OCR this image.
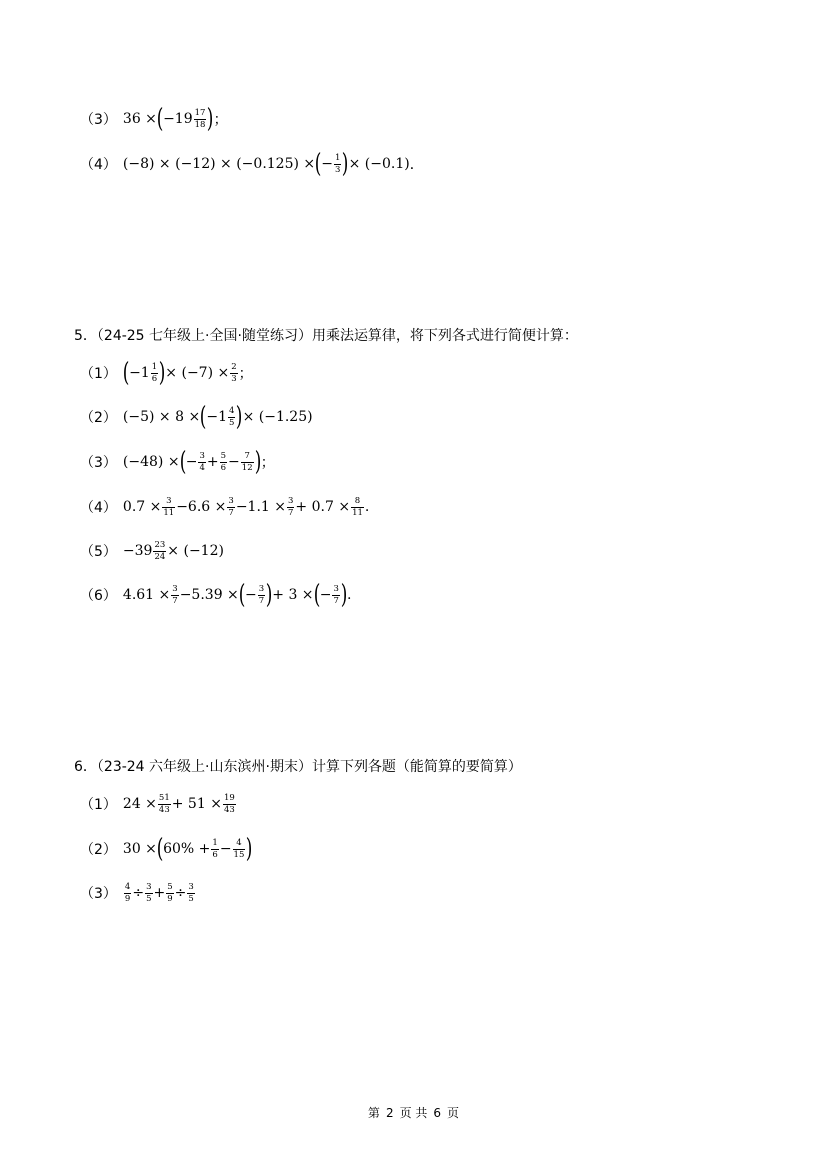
（3） 36 × ( $-19 \frac{17}{18}$ ) ；
（4） (−8) × (−12) × (−0.125) × ( − $\frac{1}{3}$ ) × (−0.1) ．
5．（24-25 七年级上·全国·随堂练习）用乘法运算律，将下列各式进行简便计算：
（1） ( $-1 \frac{1}{6}$ ) × $(-7) \times \frac{2}{3}$ ；
（2） (−5) × 8 × ( $-1 \frac{4}{5}$ ) × (−1.25)
（3） (−48) × ( − $\frac{3}{4} + \frac{5}{6} - \frac{7}{12}$ ) ；
（4） $0.7 \times \frac{3}{11} -6.6 \times \frac{3}{7} -1.1 \times \frac{3}{7} + 0.7 \times \frac{8}{11}$ .
$(5) -39 \frac{23}{24} \times (-12)$
（6） $4.61 \times \frac{3}{7} -5.39$ × ( − $\frac{3}{7}$ ) + 3 × ( − $\frac{3}{7}$ ) .
6．（23-24 六年级上·山东滨州·期末）计算下列各题（能简算的要简算）
（1） $24 \times \frac{51}{43} + 51 \times \frac{19}{43}$
（2） 30 × ( $60\% + \frac{1}{6} - \frac{4}{15}$ )
$(3) \frac{4}{9} \div \frac{3}{5} + \frac{5}{9} \div \frac{3}{5}$
第 2 页 共 6 页
